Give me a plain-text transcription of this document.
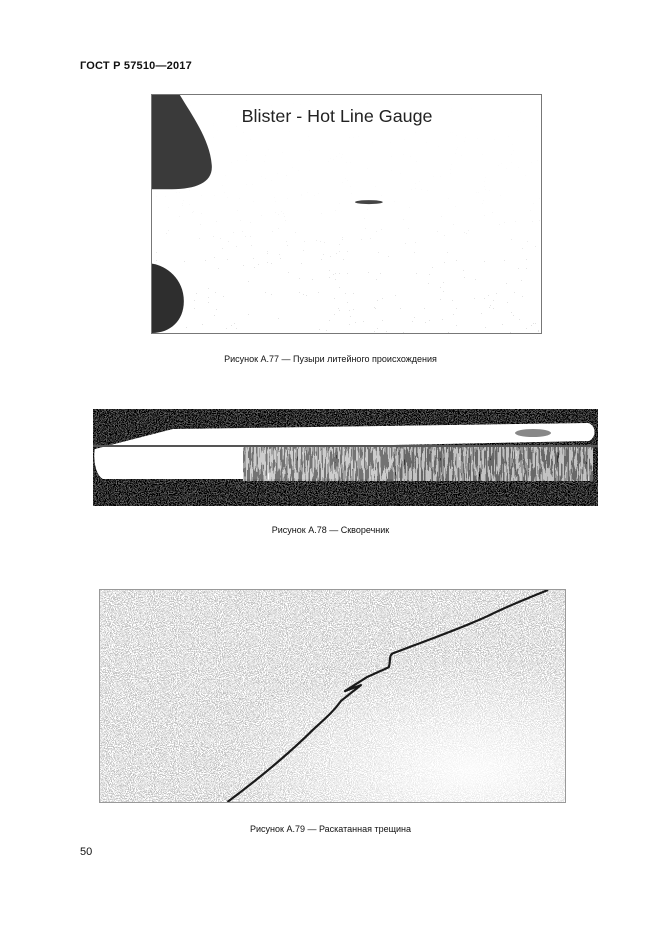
ГОСТ Р 57510—2017
Blister - Hot Line Gauge
Рисунок А.77 — Пузыри литейного происхождения
Рисунок А.78 — Скворечник
Рисунок А.79 — Раскатанная трещина
50
